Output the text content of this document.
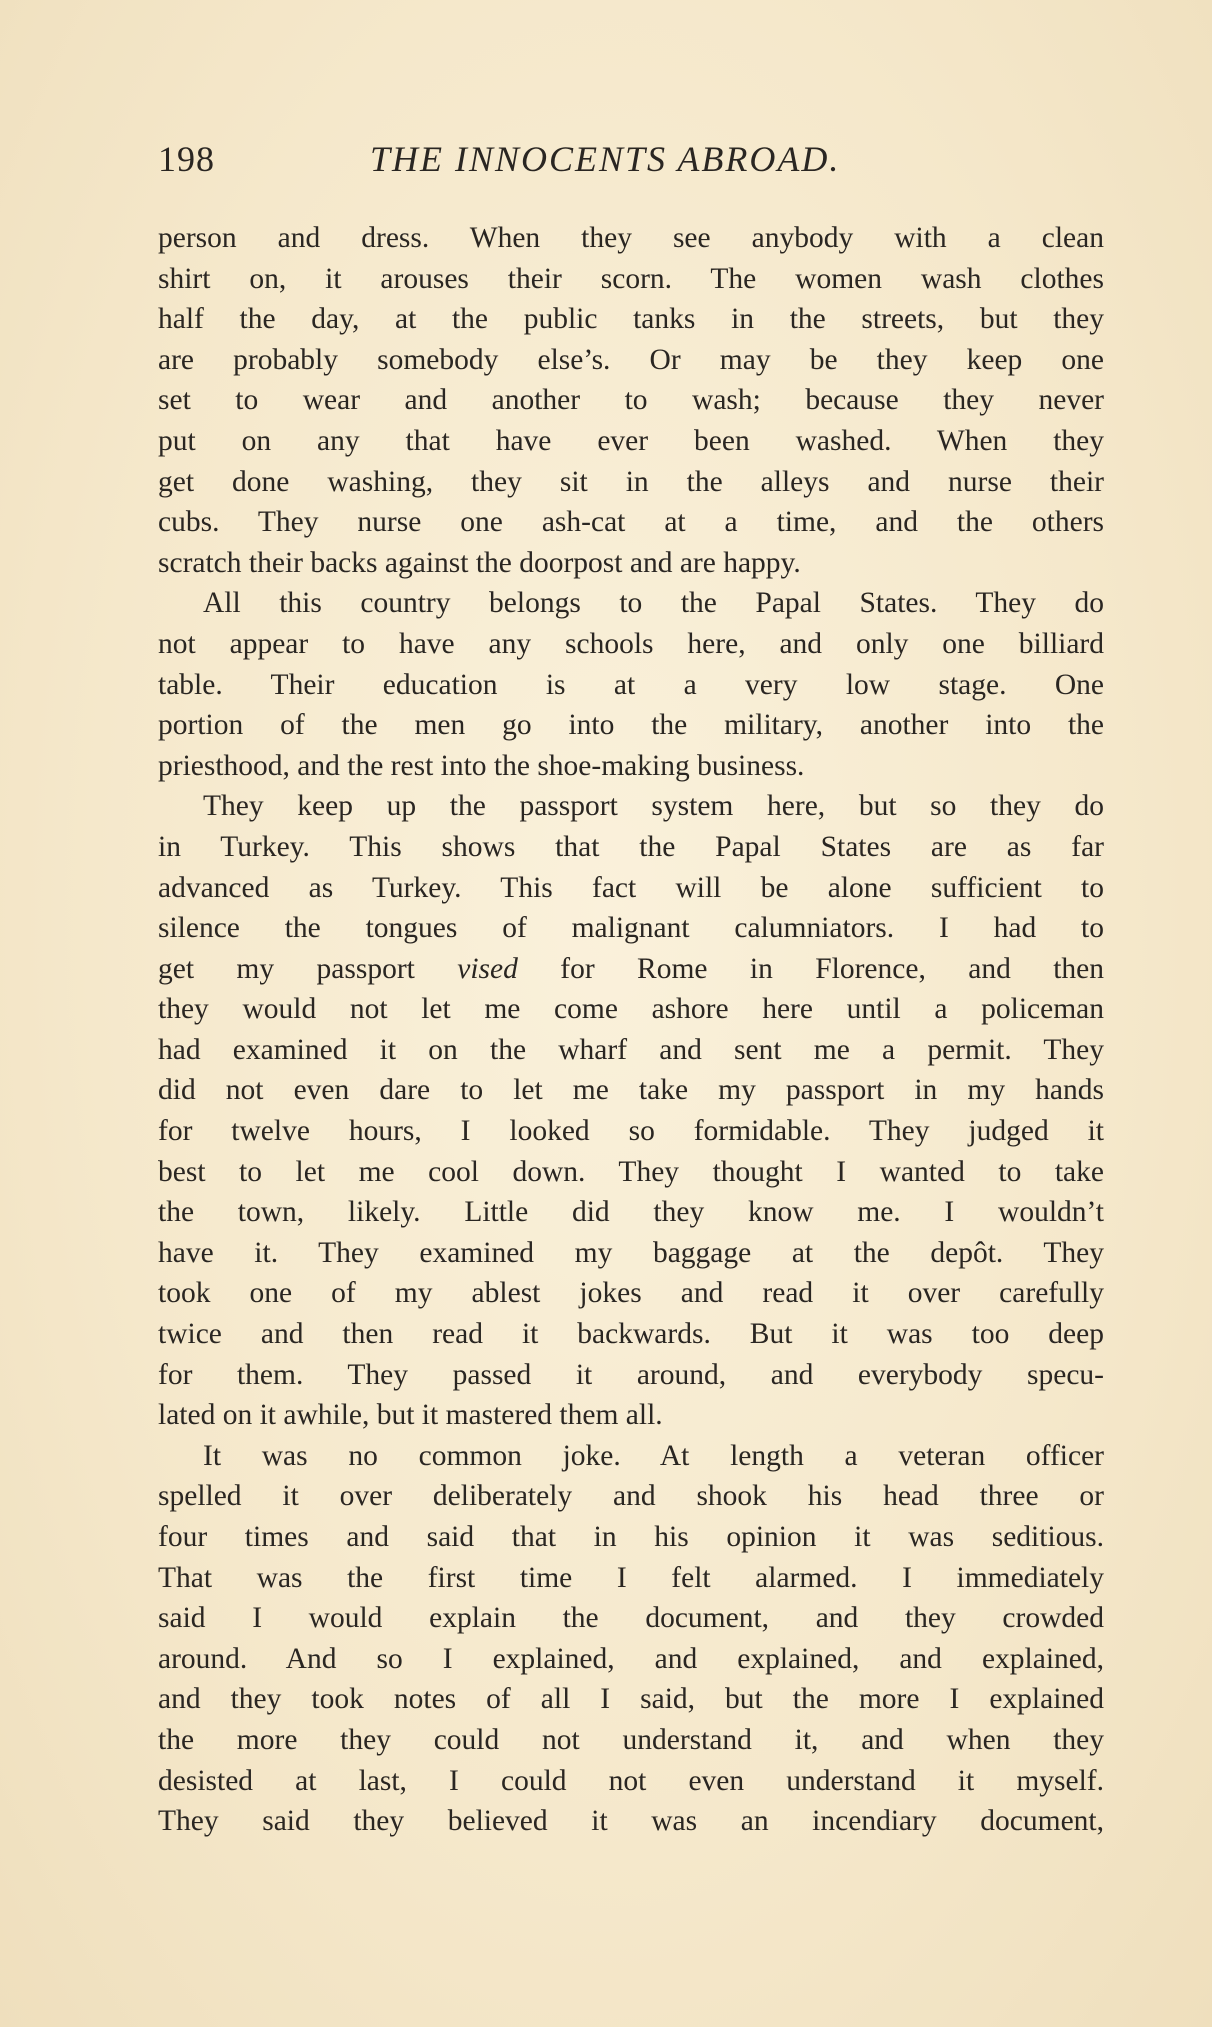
198	THE INNOCENTS ABROAD.
person and dress. When they see anybody with a clean
shirt on, it arouses their scorn. The women wash clothes
half the day, at the public tanks in the streets, but they
are probably somebody else’s. Or may be they keep one
set to wear and another to wash; because they never
put on any that have ever been washed. When they
get done washing, they sit in the alleys and nurse their
cubs. They nurse one ash-cat at a time, and the others
scratch their backs against the doorpost and are happy.
All this country belongs to the Papal States. They do
not appear to have any schools here, and only one billiard
table. Their education is at a very low stage. One
portion of the men go into the military, another into the
priesthood, and the rest into the shoe-making business.
They keep up the passport system here, but so they do
in Turkey. This shows that the Papal States are as far
advanced as Turkey. This fact will be alone sufficient to
silence the tongues of malignant calumniators. I had to
get my passport vised for Rome in Florence, and then
they would not let me come ashore here until a policeman
had examined it on the wharf and sent me a permit. They
did not even dare to let me take my passport in my hands
for twelve hours, I looked so formidable. They judged it
best to let me cool down. They thought I wanted to take
the town, likely. Little did they know me. I wouldn’t
have it. They examined my baggage at the depôt. They
took one of my ablest jokes and read it over carefully
twice and then read it backwards. But it was too deep
for them. They passed it around, and everybody specu-
lated on it awhile, but it mastered them all.
It was no common joke. At length a veteran officer
spelled it over deliberately and shook his head three or
four times and said that in his opinion it was seditious.
That was the first time I felt alarmed. I immediately
said I would explain the document, and they crowded
around. And so I explained, and explained, and explained,
and they took notes of all I said, but the more I explained
the more they could not understand it, and when they
desisted at last, I could not even understand it myself.
They said they believed it was an incendiary document,
